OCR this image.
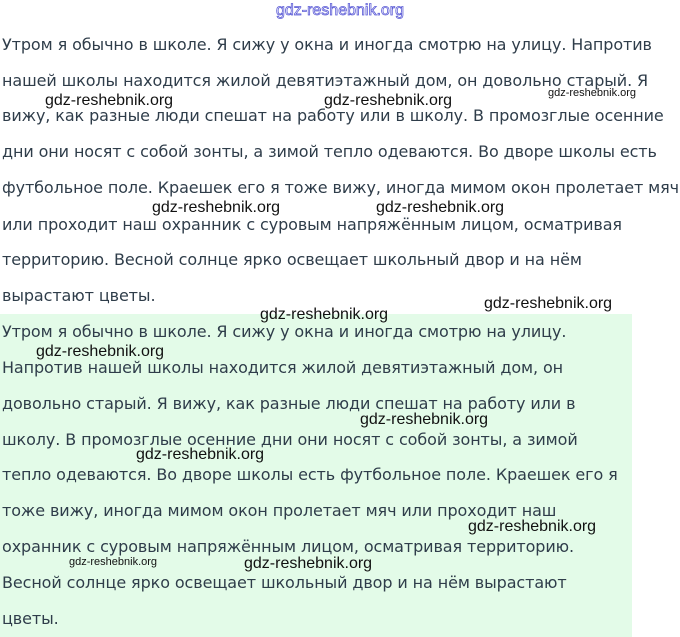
gdz-reshebnik.org
Утром я обычно в школе. Я сижу у окна и иногда смотрю на улицу. Напротив
нашей школы находится жилой девятиэтажный дом, он довольно старый. Я
вижу, как разные люди спешат на работу или в школу. В промозглые осенние
дни они носят с собой зонты, а зимой тепло одеваются. Во дворе школы есть
футбольное поле. Краешек его я тоже вижу, иногда мимом окон пролетает мяч
или проходит наш охранник с суровым напряжённым лицом, осматривая
территорию. Весной солнце ярко освещает школьный двор и на нём
вырастают цветы.
Утром я обычно в школе. Я сижу у окна и иногда смотрю на улицу.
Напротив нашей школы находится жилой девятиэтажный дом, он
довольно старый. Я вижу, как разные люди спешат на работу или в
школу. В промозглые осенние дни они носят с собой зонты, а зимой
тепло одеваются. Во дворе школы есть футбольное поле. Краешек его я
тоже вижу, иногда мимом окон пролетает мяч или проходит наш
охранник с суровым напряжённым лицом, осматривая территорию.
Весной солнце ярко освещает школьный двор и на нём вырастают
цветы.
gdz-reshebnik.org	gdz-reshebnik.org	gdz-reshebnik.org
gdz-reshebnik.org	gdz-reshebnik.org
gdz-reshebnik.org
gdz-reshebnik.org
gdz-reshebnik.org
gdz-reshebnik.org
gdz-reshebnik.org
gdz-reshebnik.org
gdz-reshebnik.org	gdz-reshebnik.org
